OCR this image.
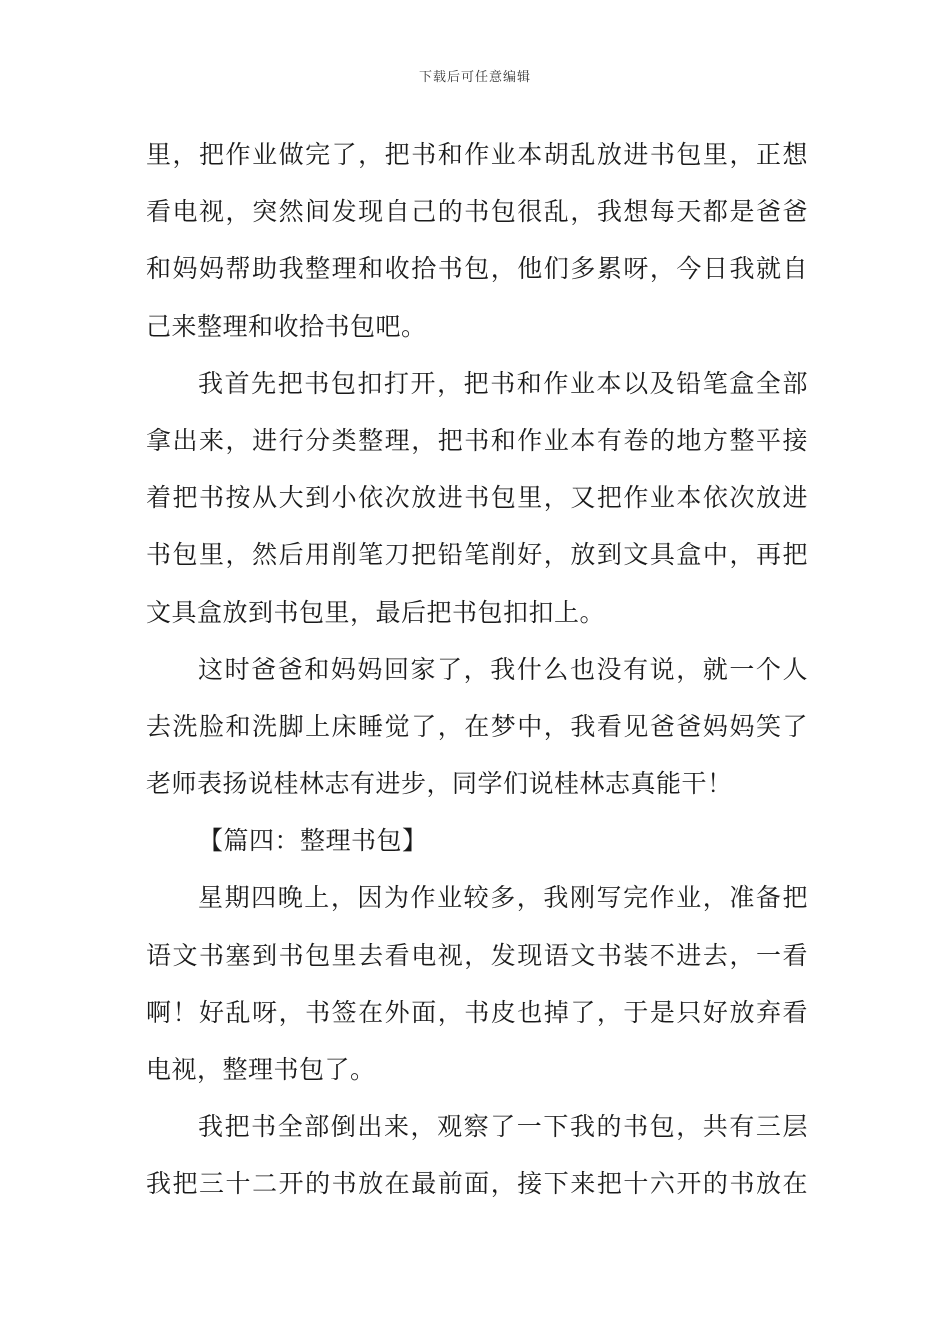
下载后可任意编辑
里，把作业做完了，把书和作业本胡乱放进书包里，正想
看电视，突然间发现自己的书包很乱，我想每天都是爸爸
和妈妈帮助我整理和收拾书包，他们多累呀，今日我就自
己来整理和收拾书包吧。
我首先把书包扣打开，把书和作业本以及铅笔盒全部
拿出来，进行分类整理，把书和作业本有卷的地方整平接
着把书按从大到小依次放进书包里，又把作业本依次放进
书包里，然后用削笔刀把铅笔削好，放到文具盒中，再把
文具盒放到书包里，最后把书包扣扣上。
这时爸爸和妈妈回家了，我什么也没有说，就一个人
去洗脸和洗脚上床睡觉了，在梦中，我看见爸爸妈妈笑了
老师表扬说桂林志有进步，同学们说桂林志真能干！
【篇四：整理书包】
星期四晚上，因为作业较多，我刚写完作业，准备把
语文书塞到书包里去看电视，发现语文书装不进去，一看
啊！好乱呀，书签在外面，书皮也掉了，于是只好放弃看
电视，整理书包了。
我把书全部倒出来，观察了一下我的书包，共有三层
我把三十二开的书放在最前面，接下来把十六开的书放在
